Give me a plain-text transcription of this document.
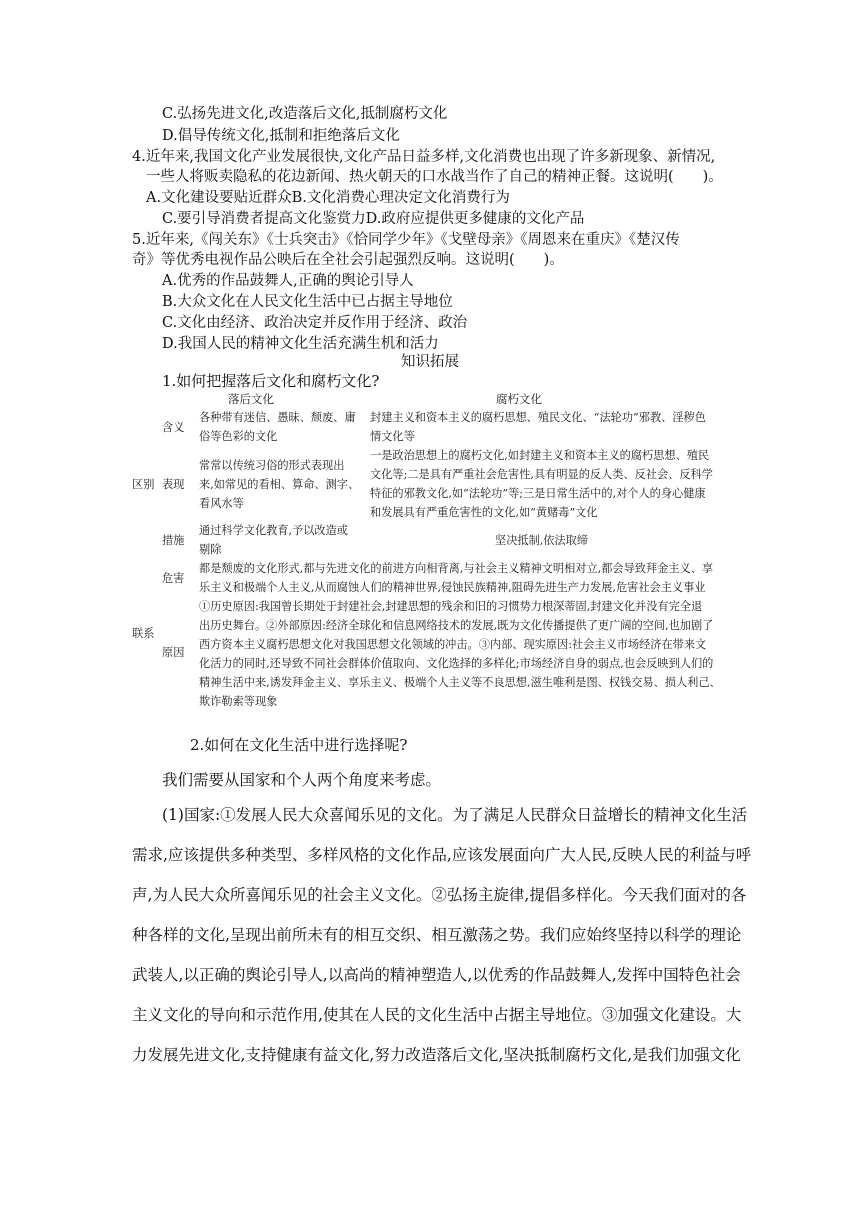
C.弘扬先进文化,改造落后文化,抵制腐朽文化
D.倡导传统文化,抵制和拒绝落后文化
4.近年来,我国文化产业发展很快,文化产品日益多样,文化消费也出现了许多新现象、新情况,
一些人将贩卖隐私的花边新闻、热火朝天的口水战当作了自己的精神正餐。这说明(　　)。
A.文化建设要贴近群众B.文化消费心理决定文化消费行为
C.要引导消费者提高文化鉴赏力D.政府应提供更多健康的文化产品
5.近年来,《闯关东》《士兵突击》《恰同学少年》《戈壁母亲》《周恩来在重庆》《楚汉传
奇》等优秀电视作品公映后在全社会引起强烈反响。这说明(　　)。
A.优秀的作品鼓舞人,正确的舆论引导人
B.大众文化在人民文化生活中已占据主导地位
C.文化由经济、政治决定并反作用于经济、政治
D.我国人民的精神文化生活充满生机和活力
知识拓展
1.如何把握落后文化和腐朽文化?
落后文化	腐朽文化
含义
各种带有迷信、愚昧、颓废、庸
俗等色彩的文化
封建主义和资本主义的腐朽思想、殖民文化、“法轮功”邪教、淫秽色
情文化等
区别 表现
常常以传统习俗的形式表现出
来,如常见的看相、算命、测字、
看风水等
一是政治思想上的腐朽文化,如封建主义和资本主义的腐朽思想、殖民
文化等;二是具有严重社会危害性,具有明显的反人类、反社会、反科学
特征的邪教文化,如“法轮功”等;三是日常生活中的,对个人的身心健康
和发展具有严重危害性的文化,如“黄赌毒”文化
措施
通过科学文化教育,予以改造或
剔除
坚决抵制,依法取缔
危害
都是颓废的文化形式,都与先进文化的前进方向相背离,与社会主义精神文明相对立,都会导致拜金主义、享
乐主义和极端个人主义,从而腐蚀人们的精神世界,侵蚀民族精神,阻碍先进生产力发展,危害社会主义事业
联系
原因
①历史原因:我国曾长期处于封建社会,封建思想的残余和旧的习惯势力根深蒂固,封建文化并没有完全退
出历史舞台。②外部原因:经济全球化和信息网络技术的发展,既为文化传播提供了更广阔的空间,也加剧了
西方资本主义腐朽思想文化对我国思想文化领域的冲击。③内部、现实原因:社会主义市场经济在带来文
化活力的同时,还导致不同社会群体价值取向、文化选择的多样化;市场经济自身的弱点,也会反映到人们的
精神生活中来,诱发拜金主义、享乐主义、极端个人主义等不良思想,滋生唯利是图、权钱交易、损人利己、
欺诈勒索等现象
2.如何在文化生活中进行选择呢?
我们需要从国家和个人两个角度来考虑。
(1)国家:①发展人民大众喜闻乐见的文化。为了满足人民群众日益增长的精神文化生活
需求,应该提供多种类型、多样风格的文化作品,应该发展面向广大人民,反映人民的利益与呼
声,为人民大众所喜闻乐见的社会主义文化。②弘扬主旋律,提倡多样化。今天我们面对的各
种各样的文化,呈现出前所未有的相互交织、相互激荡之势。我们应始终坚持以科学的理论
武装人,以正确的舆论引导人,以高尚的精神塑造人,以优秀的作品鼓舞人,发挥中国特色社会
主义文化的导向和示范作用,使其在人民的文化生活中占据主导地位。③加强文化建设。大
力发展先进文化,支持健康有益文化,努力改造落后文化,坚决抵制腐朽文化,是我们加强文化
